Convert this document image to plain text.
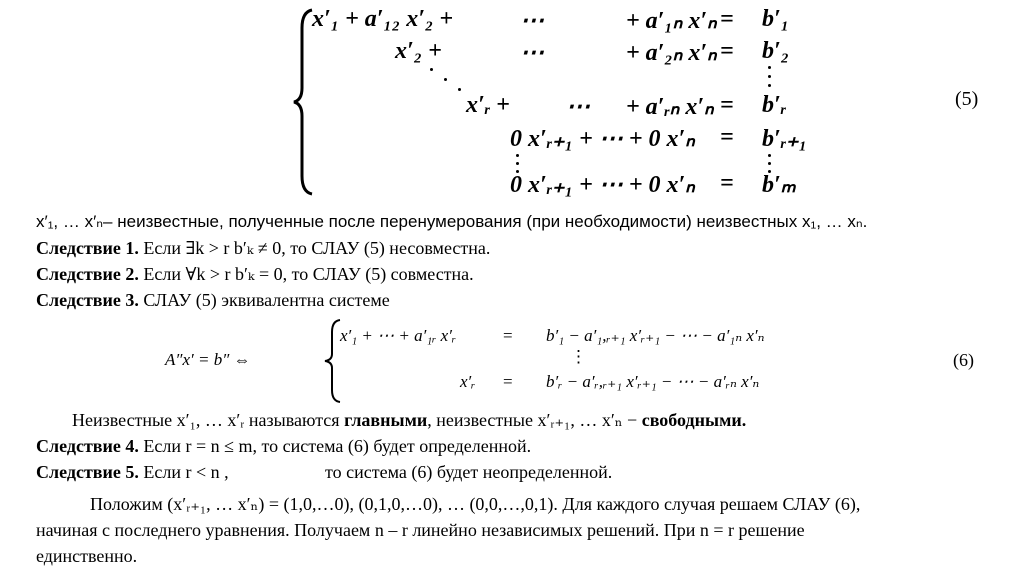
x′₁ + a′₁₂ x′₂ +	⋯	+ a′₁ₙ x′ₙ = b′₁
x′₂ +	⋯	+ a′₂ₙ x′ₙ = b′₂
x′ᵣ + ⋯ + a′ᵣₙ x′ₙ = b′ᵣ
0 x′ᵣ₊₁ + ⋯ + 0 x′ₙ = b′ᵣ₊₁
0 x′ᵣ₊₁ + ⋯ + 0 x′ₙ = b′ₘ
(5)
x′₁, … x′ₙ– неизвестные, полученные после перенумерования (при необходимости) неизвестных x₁, … xₙ.
Следствие 1. Если ∃k > r b′ₖ ≠ 0, то СЛАУ (5) несовместна.
Следствие 2. Если ∀k > r b′ₖ = 0, то СЛАУ (5) совместна.
Следствие 3. СЛАУ (5) эквивалентна системе
A″x′ = b″ ⇔
x′₁ + ⋯ + a′₁ᵣ x′ᵣ	= b′₁ − a′₁,ᵣ₊₁ x′ᵣ₊₁ − ⋯ − a′₁ₙ x′ₙ
⋮
x′ᵣ = b′ᵣ − a′ᵣ,ᵣ₊₁ x′ᵣ₊₁ − ⋯ − a′ᵣₙ x′ₙ
(6)
Неизвестные x′₁, … x′ᵣ называются главными, неизвестные x′ᵣ₊₁, … x′ₙ − свободными.
Следствие 4. Если r = n ≤ m, то система (6) будет определенной.
Следствие 5. Если r < n ,	то система (6) будет неопределенной.
Положим (x′ᵣ₊₁, … x′ₙ) = (1,0,…0), (0,1,0,…0), … (0,0,…,0,1). Для каждого случая решаем СЛАУ (6),
начиная с последнего уравнения. Получаем n – r линейно независимых решений. При n = r решение
единственно.
